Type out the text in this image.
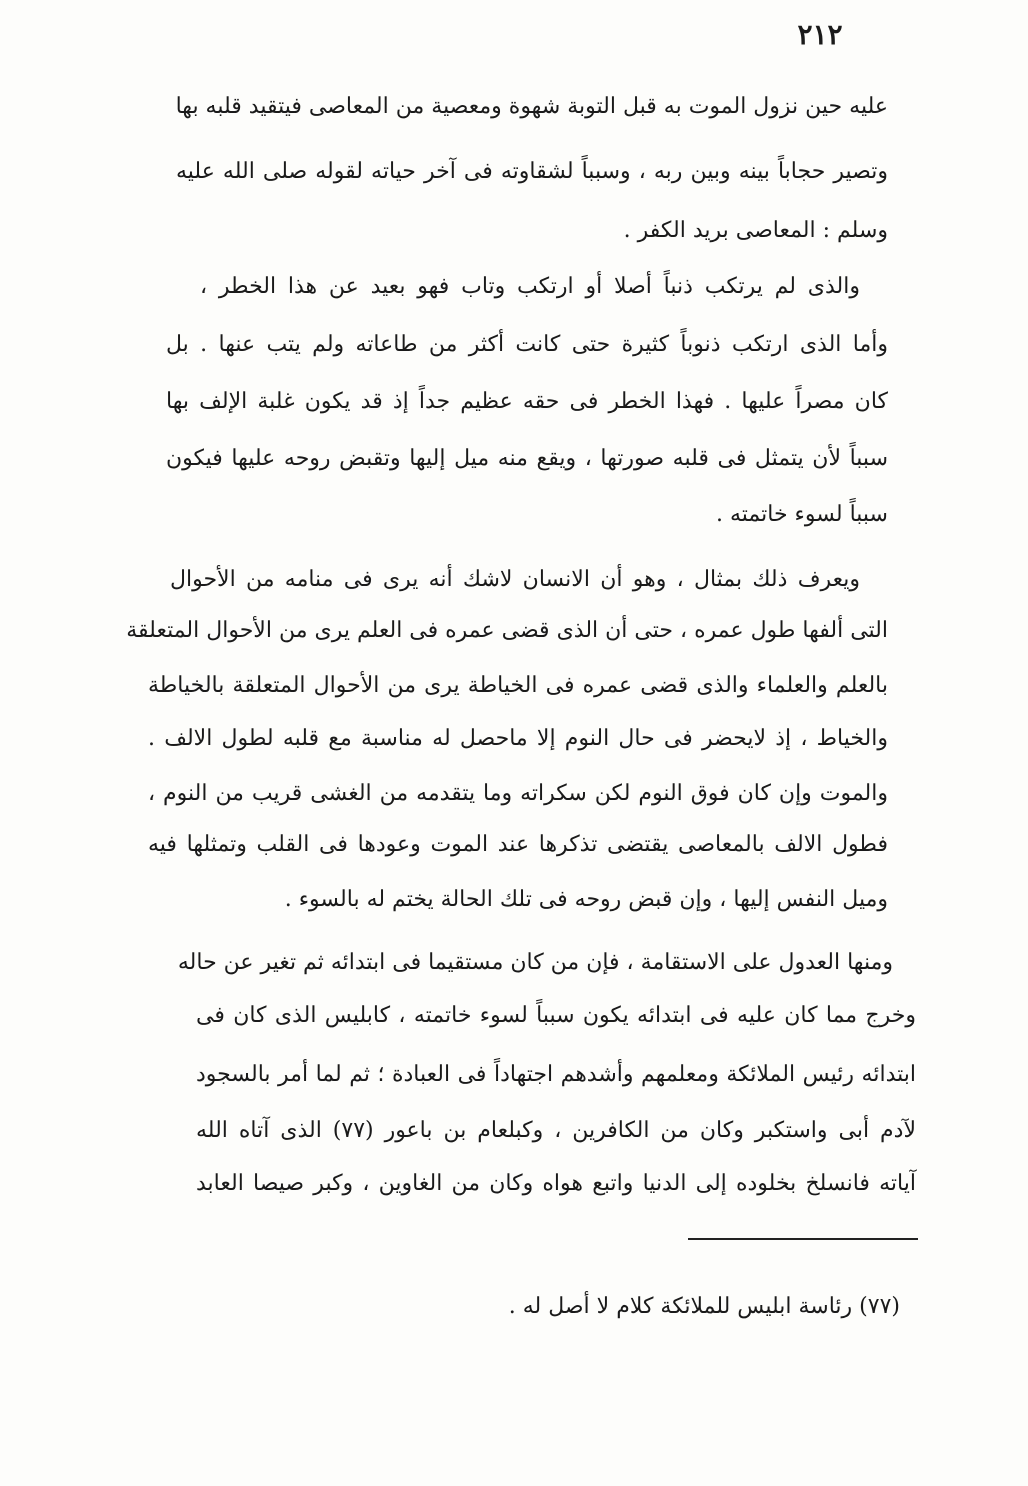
٢١٢
عليه حين نزول الموت به قبل التوبة شهوة ومعصية من المعاصى فيتقيد قلبه بها
وتصير حجاباً بينه وبين ربه ، وسبباً لشقاوته فى آخر حياته لقوله صلى الله عليه
وسلم : المعاصى بريد الكفر .
والذى لم يرتكب ذنباً أصلا أو ارتكب وتاب فهو بعيد عن هذا الخطر ،
وأما الذى ارتكب ذنوباً كثيرة حتى كانت أكثر من طاعاته ولم يتب عنها . بل
كان مصراً عليها . فهذا الخطر فى حقه عظيم جداً إذ قد يكون غلبة الإلف بها
سبباً لأن يتمثل فى قلبه صورتها ، ويقع منه ميل إليها وتقبض روحه عليها فيكون
سبباً لسوء خاتمته .
ويعرف ذلك بمثال ، وهو أن الانسان لاشك أنه يرى فى منامه من الأحوال
التى ألفها طول عمره ، حتى أن الذى قضى عمره فى العلم يرى من الأحوال المتعلقة
بالعلم والعلماء والذى قضى عمره فى الخياطة يرى من الأحوال المتعلقة بالخياطة
والخياط ، إذ لايحضر فى حال النوم إلا ماحصل له مناسبة مع قلبه لطول الالف .
والموت وإن كان فوق النوم لكن سكراته وما يتقدمه من الغشى قريب من النوم ،
فطول الالف بالمعاصى يقتضى تذكرها عند الموت وعودها فى القلب وتمثلها فيه
وميل النفس إليها ، وإن قبض روحه فى تلك الحالة يختم له بالسوء .
ومنها العدول على الاستقامة ، فإن من كان مستقيما فى ابتدائه ثم تغير عن حاله
وخرج مما كان عليه فى ابتدائه يكون سبباً لسوء خاتمته ، كابليس الذى كان فى
ابتدائه رئيس الملائكة ومعلمهم وأشدهم اجتهاداً فى العبادة ؛ ثم لما أمر بالسجود
لآدم أبى واستكبر وكان من الكافرين ، وكبلعام بن باعور (٧٧) الذى آتاه الله
آياته فانسلخ بخلوده إلى الدنيا واتبع هواه وكان من الغاوين ، وكبر صيصا العابد
(٧٧) رئاسة ابليس للملائكة كلام لا أصل له .
